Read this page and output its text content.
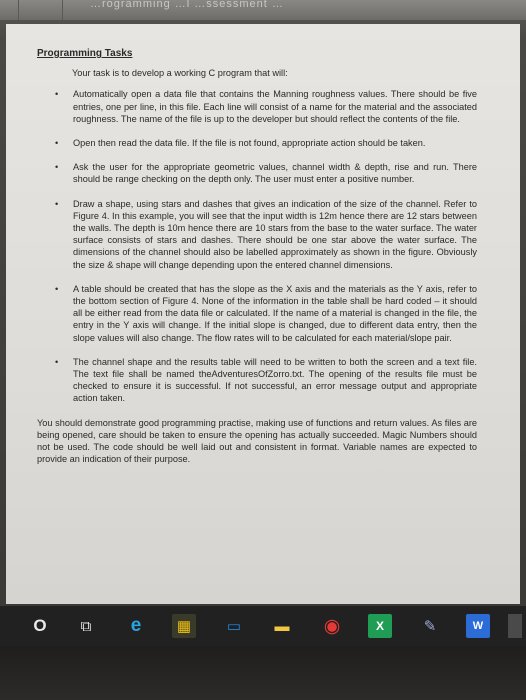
…rogramming …l …ssessment …
Programming Tasks
Your task is to develop a working C program that will:
• Automatically open a data file that contains the Manning roughness values. There should be five entries, one per line, in this file. Each line will consist of a name for the material and the associated roughness. The name of the file is up to the developer but should reflect the contents of the file.
• Open then read the data file. If the file is not found, appropriate action should be taken.
• Ask the user for the appropriate geometric values, channel width & depth, rise and run. There should be range checking on the depth only. The user must enter a positive number.
• Draw a shape, using stars and dashes that gives an indication of the size of the channel. Refer to Figure 4. In this example, you will see that the input width is 12m hence there are 12 stars between the walls. The depth is 10m hence there are 10 stars from the base to the water surface. The water surface consists of stars and dashes. There should be one star above the water surface. The dimensions of the channel should also be labelled approximately as shown in the figure. Obviously the size & shape will change depending upon the entered channel dimensions.
• A table should be created that has the slope as the X axis and the materials as the Y axis, refer to the bottom section of Figure 4. None of the information in the table shall be hard coded – it should all be either read from the data file or calculated. If the name of a material is changed in the file, the entry in the Y axis will change. If the initial slope is changed, due to different data entry, then the slope values will also change. The flow rates will to be calculated for each material/slope pair.
• The channel shape and the results table will need to be written to both the screen and a text file. The text file shall be named theAdventuresOfZorro.txt. The opening of the results file must be checked to ensure it is successful. If not successful, an error message output and appropriate action taken.
You should demonstrate good programming practise, making use of functions and return values. As files are being opened, care should be taken to ensure the opening has actually succeeded. Magic Numbers should not be used. The code should be well laid out and consistent in format. Variable names are expected to provide an indication of their purpose.
O ⧉ e ▦ ▭ ▬ ◉	X	✎	W
